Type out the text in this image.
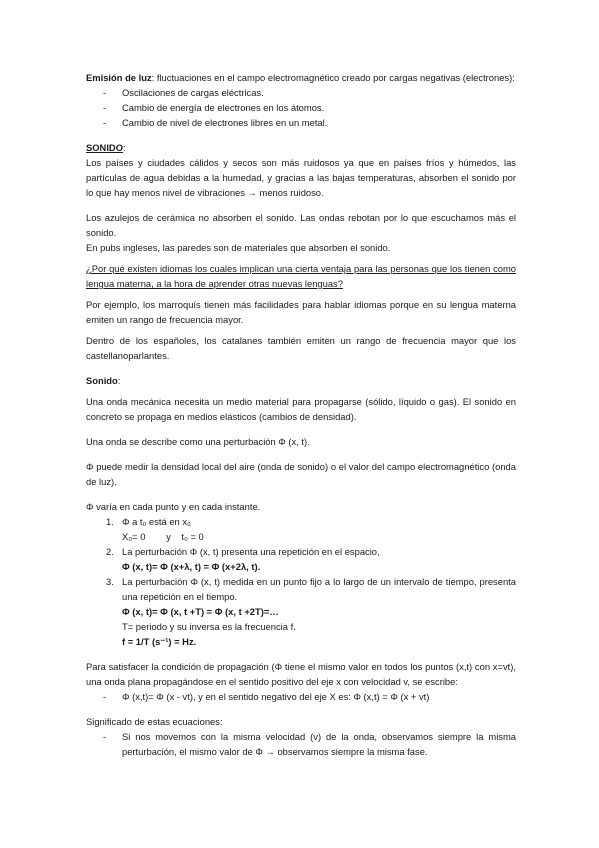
Emisión de luz: fluctuaciones en el campo electromagnético creado por cargas negativas (electrones):

- Oscilaciones de cargas eléctricas.
- Cambio de energía de electrones en los átomos.
- Cambio de nivel de electrones libres en un metal.

SONIDO:

Los países y ciudades cálidos y secos son más ruidosos ya que en países fríos y húmedos, las partículas de agua debidas a la humedad, y gracias a las bajas temperaturas, absorben el sonido por lo que hay menos nivel de vibraciones → menos ruidoso.

Los azulejos de cerámica no absorben el sonido. Las ondas rebotan por lo que escuchamos más el sonido.

En pubs ingleses, las paredes son de materiales que absorben el sonido.

¿Por qué existen idiomas los cuales implican una cierta ventaja para las personas que los tienen como lengua materna, a la hora de aprender otras nuevas lenguas?

Por ejemplo, los marroquís tienen más facilidades para hablar idiomas porque en su lengua materna emiten un rango de frecuencia mayor.

Dentro de los españoles, los catalanes también emiten un rango de frecuencia mayor que los castellanoparlantes.

Sonido:

Una onda mecánica necesita un medio material para propagarse (sólido, líquido o gas). El sonido en concreto se propaga en medios elásticos (cambios de densidad).

Una onda se describe como una perturbación Φ (x, t).

Φ puede medir la densidad local del aire (onda de sonido) o el valor del campo electromagnético (onda de luz).

Φ varía en cada punto y en cada instante.

1. Φ a t₀ está en x₀
X₀= 0        y    t₀ = 0
2. La perturbación Φ (x, t) presenta una repetición en el espacio,
Φ (x, t)= Φ (x+λ, t) = Φ (x+2λ, t).
3. La perturbación Φ (x, t) medida en un punto fijo a lo largo de un intervalo de tiempo, presenta una repetición en el tiempo.
Φ (x, t)= Φ (x, t +T) = Φ (x, t +2T)=…
T= periodo y su inversa es la frecuencia f.
f = 1/T (s⁻¹) = Hz.

Para satisfacer la condición de propagación (Φ tiene el mismo valor en todos los puntos (x,t) con x=vt), una onda plana propagándose en el sentido positivo del eje x con velocidad v, se escribe:

- Φ (x,t)= Φ (x - vt), y en el sentido negativo del eje X es: Φ (x,t) = Φ (x + vt)

Significado de estas ecuaciones:

- Si nos movemos con la misma velocidad (v) de la onda, observamos siempre la misma perturbación, el mismo valor de Φ → observamos siempre la misma fase.
